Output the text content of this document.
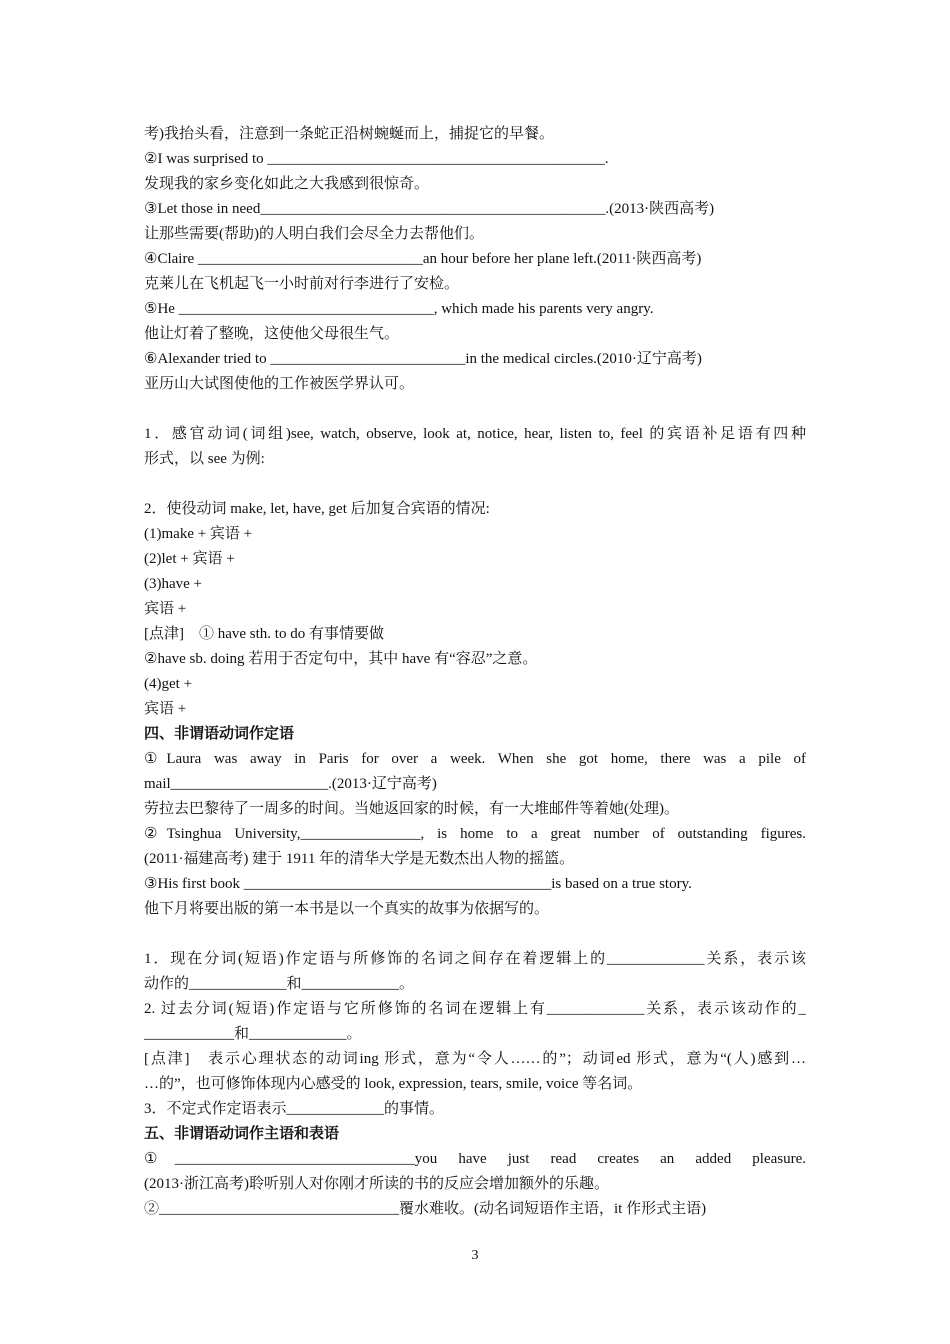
考)我抬头看，注意到一条蛇正沿树蜿蜒而上，捕捉它的早餐。
②I was surprised to _____________________________________________.
发现我的家乡变化如此之大我感到很惊奇。
③Let those in need______________________________________________.(2013·陕西高考)
让那些需要(帮助)的人明白我们会尽全力去帮他们。
④Claire ______________________________an hour before her plane left.(2011·陕西高考)
克莱儿在飞机起飞一小时前对行李进行了安检。
⑤He __________________________________, which made his parents very angry.
他让灯着了整晚，这使他父母很生气。
⑥Alexander tried to __________________________in the medical circles.(2010·辽宁高考)
亚历山大试图使他的工作被医学界认可。
1．感官动词(词组)see, watch, observe, look at, notice, hear, listen to, feel 的宾语补足语有四种
形式，以 see 为例:
2．使役动词 make, let, have, get 后加复合宾语的情况:
(1)make + 宾语 +
(2)let + 宾语 +
(3)have +
宾语 +
[点津]　① have sth. to do 有事情要做
②have sb. doing 若用于否定句中，其中 have 有“容忍”之意。
(4)get +
宾语 +
四、非谓语动词作定语
①Laura was away in Paris for over a week. When she got home, there was a pile of
mail_____________________.(2013·辽宁高考)
劳拉去巴黎待了一周多的时间。当她返回家的时候，有一大堆邮件等着她(处理)。
②Tsinghua University,________________, is home to a great number of outstanding figures.
(2011·福建高考) 建于 1911 年的清华大学是无数杰出人物的摇篮。
③His first book _________________________________________is based on a true story.
他下月将要出版的第一本书是以一个真实的故事为依据写的。
1．现在分词(短语)作定语与所修饰的名词之间存在着逻辑上的_____________关系，表示该
动作的_____________和_____________。
2. 过去分词(短语)作定语与它所修饰的名词在逻辑上有_____________关系，表示该动作的_
____________和_____________。
[点津]　表示心理状态的动词ing 形式，意为“令人……的”；动词ed 形式，意为“(人)感到…
…的”，也可修饰体现内心感受的 look, expression, tears, smile, voice 等名词。
3．不定式作定语表示_____________的事情。
五、非谓语动词作主语和表语
①________________________________you have just read creates an added pleasure.
(2013·浙江高考)聆听别人对你刚才所读的书的反应会增加额外的乐趣。
②________________________________覆水难收。(动名词短语作主语，it 作形式主语)
3
